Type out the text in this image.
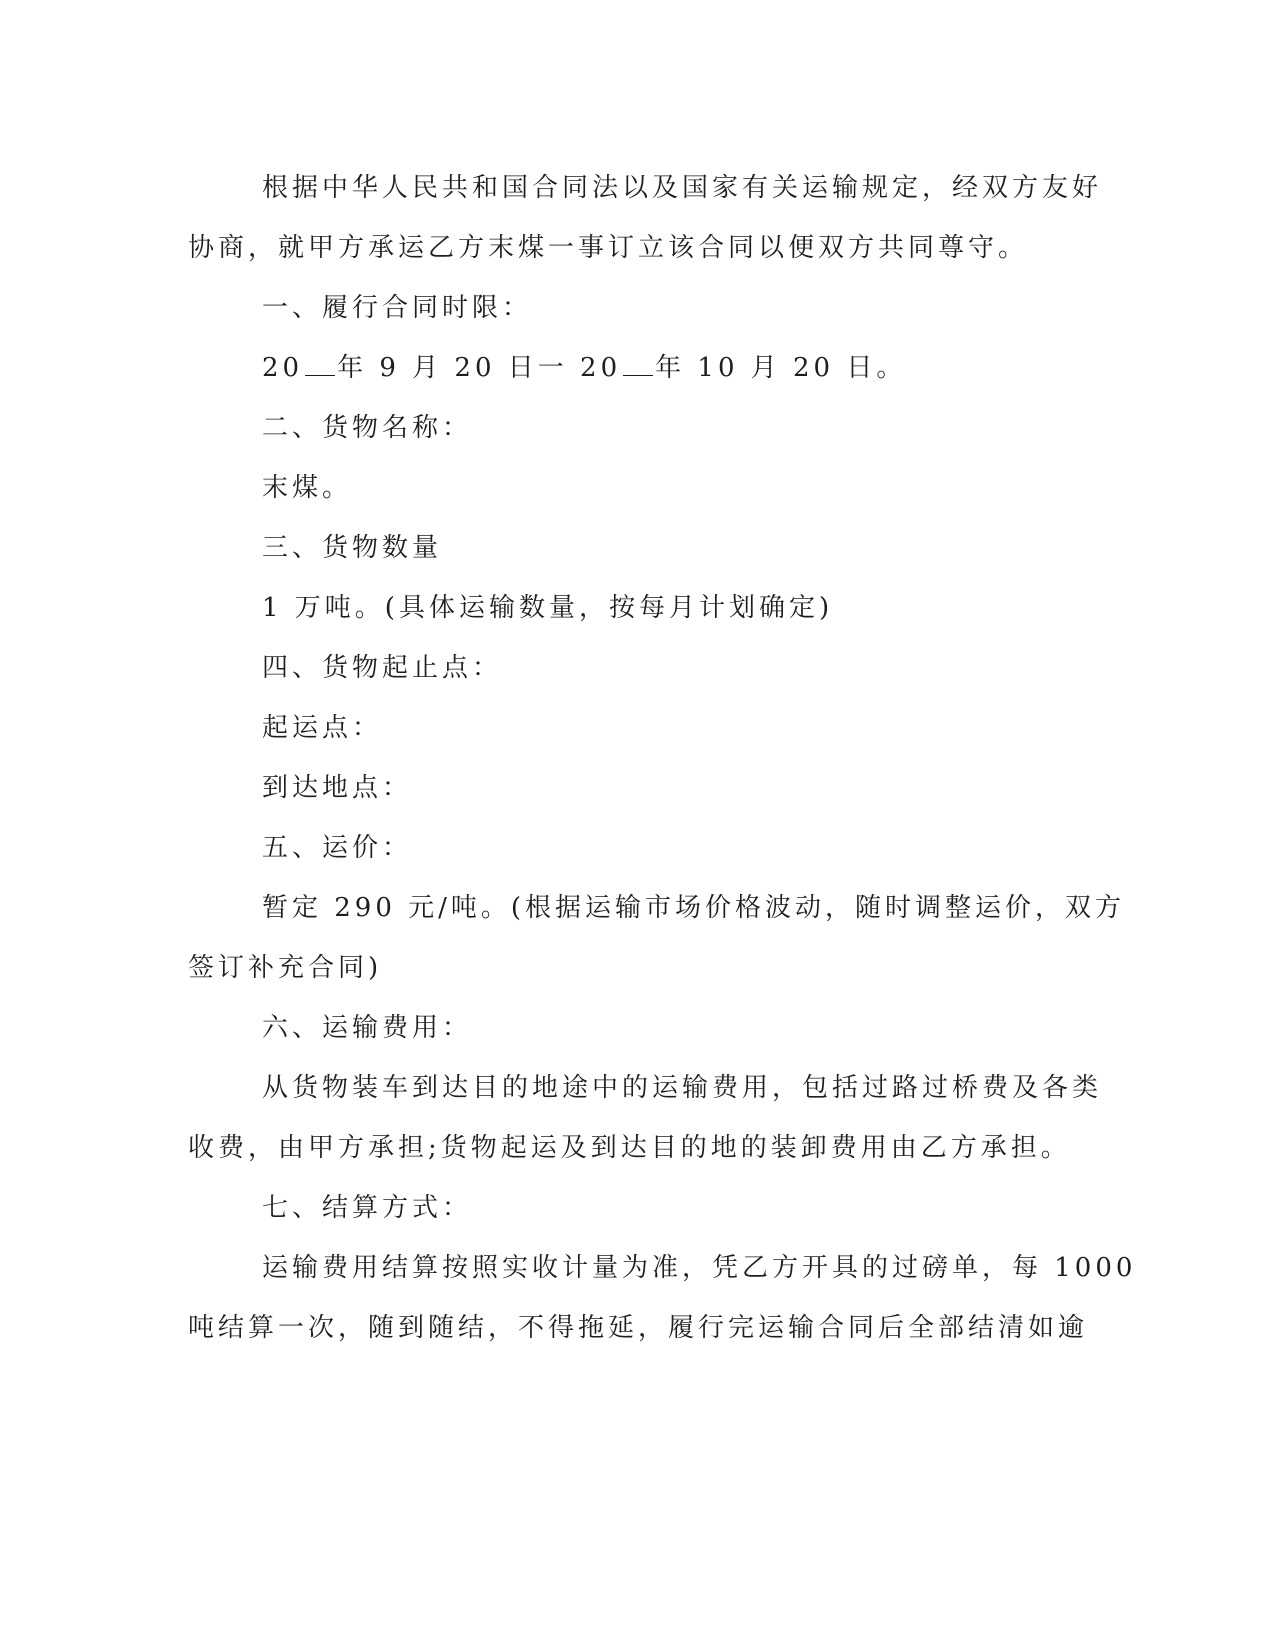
根据中华人民共和国合同法以及国家有关运输规定，经双方友好
协商，就甲方承运乙方末煤一事订立该合同以便双方共同尊守。
一、履行合同时限：
20 年 9 月 20 日一 20 年 10 月 20 日。
二、货物名称：
末煤。
三、货物数量
1 万吨。(具体运输数量，按每月计划确定)
四、货物起止点：
起运点：
到达地点：
五、运价：
暂定 290 元/吨。(根据运输市场价格波动，随时调整运价，双方
签订补充合同)
六、运输费用：
从货物装车到达目的地途中的运输费用，包括过路过桥费及各类
收费，由甲方承担;货物起运及到达目的地的装卸费用由乙方承担。
七、结算方式：
运输费用结算按照实收计量为准，凭乙方开具的过磅单，每 1000
吨结算一次，随到随结，不得拖延，履行完运输合同后全部结清如逾
